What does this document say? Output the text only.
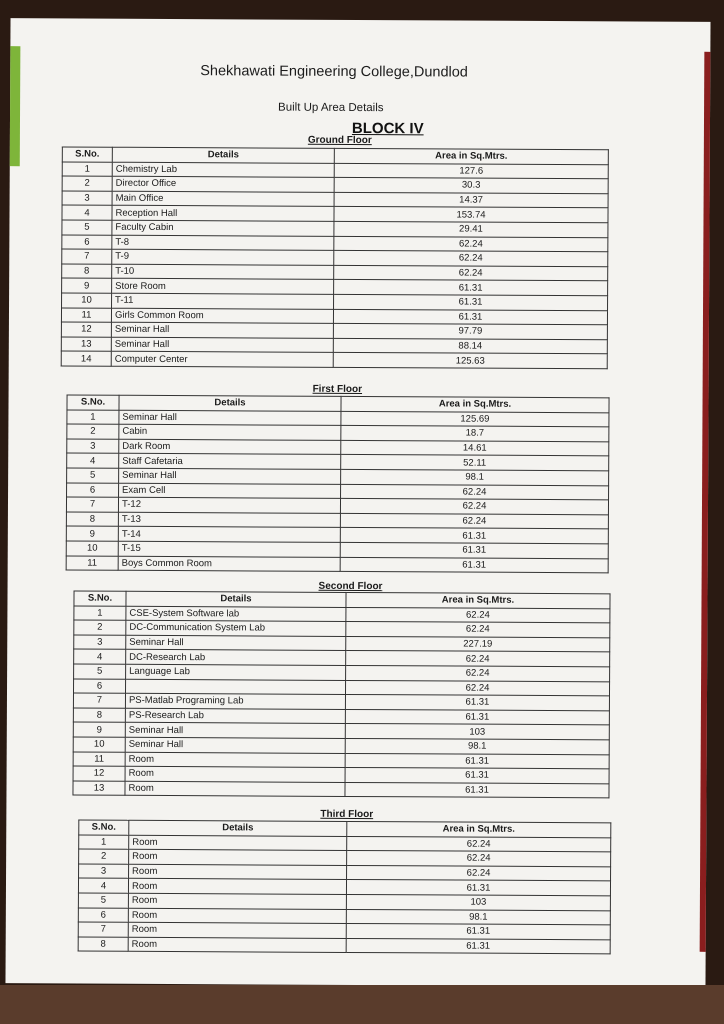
Shekhawati Engineering College,Dundlod
Built Up Area Details
BLOCK IV
Ground Floor
S.No.	Details	Area in Sq.Mtrs.
1	Chemistry Lab	127.6
2	Director Office	30.3
3	Main Office	14.37
4	Reception Hall	153.74
5	Faculty Cabin	29.41
6	T-8	62.24
7	T-9	62.24
8	T-10	62.24
9	Store Room	61.31
10	T-11	61.31
11	Girls Common Room	61.31
12	Seminar Hall	97.79
13	Seminar Hall	88.14
14	Computer Center	125.63
First Floor
S.No.	Details	Area in Sq.Mtrs.
1	Seminar Hall	125.69
2	Cabin	18.7
3	Dark Room	14.61
4	Staff Cafetaria	52.11
5	Seminar Hall	98.1
6	Exam Cell	62.24
7	T-12	62.24
8	T-13	62.24
9	T-14	61.31
10	T-15	61.31
11	Boys Common Room	61.31
Second Floor
S.No.	Details	Area in Sq.Mtrs.
1	CSE-System Software lab	62.24
2	DC-Communication System Lab	62.24
3	Seminar Hall	227.19
4	DC-Research Lab	62.24
5	Language Lab	62.24
6		62.24
7	PS-Matlab Programing Lab	61.31
8	PS-Research Lab	61.31
9	Seminar Hall	103
10	Seminar Hall	98.1
11	Room	61.31
12	Room	61.31
13	Room	61.31
Third Floor
S.No.	Details	Area in Sq.Mtrs.
1	Room	62.24
2	Room	62.24
3	Room	62.24
4	Room	61.31
5	Room	103
6	Room	98.1
7	Room	61.31
8	Room	61.31
